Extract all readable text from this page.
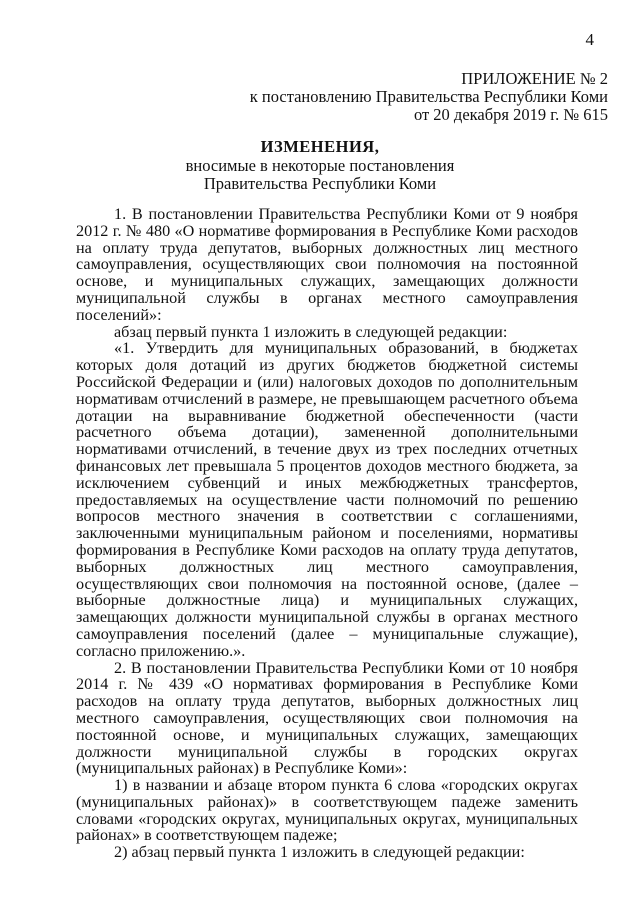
4
ПРИЛОЖЕНИЕ № 2
к постановлению Правительства Республики Коми
от 20 декабря 2019 г. № 615
ИЗМЕНЕНИЯ,
вносимые в некоторые постановления
Правительства Республики Коми

1. В постановлении Правительства Республики Коми от 9 ноября 2012 г. № 480 «О нормативе формирования в Республике Коми расходов на оплату труда депутатов, выборных должностных лиц местного самоуправления, осуществляющих свои полномочия на постоянной основе, и муниципальных служащих, замещающих должности муниципальной службы в органах местного самоуправления поселений»:

абзац первый пункта 1 изложить в следующей редакции:

«1. Утвердить для муниципальных образований, в бюджетах которых доля дотаций из других бюджетов бюджетной системы Российской Федерации и (или) налоговых доходов по дополнительным нормативам отчислений в размере, не превышающем расчетного объема дотации на выравнивание бюджетной обеспеченности (части расчетного объема дотации), замененной дополнительными нормативами отчислений, в течение двух из трех последних отчетных финансовых лет превышала 5 процентов доходов местного бюджета, за исключением субвенций и иных межбюджетных трансфертов, предоставляемых на осуществление части полномочий по решению вопросов местного значения в соответствии с соглашениями, заключенными муниципальным районом и поселениями, нормативы формирования в Республике Коми расходов на оплату труда депутатов, выборных должностных лиц местного самоуправления, осуществляющих свои полномочия на постоянной основе, (далее – выборные должностные лица) и муниципальных служащих, замещающих должности муниципальной службы в органах местного самоуправления поселений (далее – муниципальные служащие), согласно приложению.».

2. В постановлении Правительства Республики Коми от 10 ноября 2014 г. № 439 «О нормативах формирования в Республике Коми расходов на оплату труда депутатов, выборных должностных лиц местного самоуправления, осуществляющих свои полномочия на постоянной основе, и муниципальных служащих, замещающих должности муниципальной службы в городских округах (муниципальных районах) в Республике Коми»:

1) в названии и абзаце втором пункта 6 слова «городских округах (муниципальных районах)» в соответствующем падеже заменить словами «городских округах, муниципальных округах, муниципальных районах» в соответствующем падеже;

2) абзац первый пункта 1 изложить в следующей редакции:
